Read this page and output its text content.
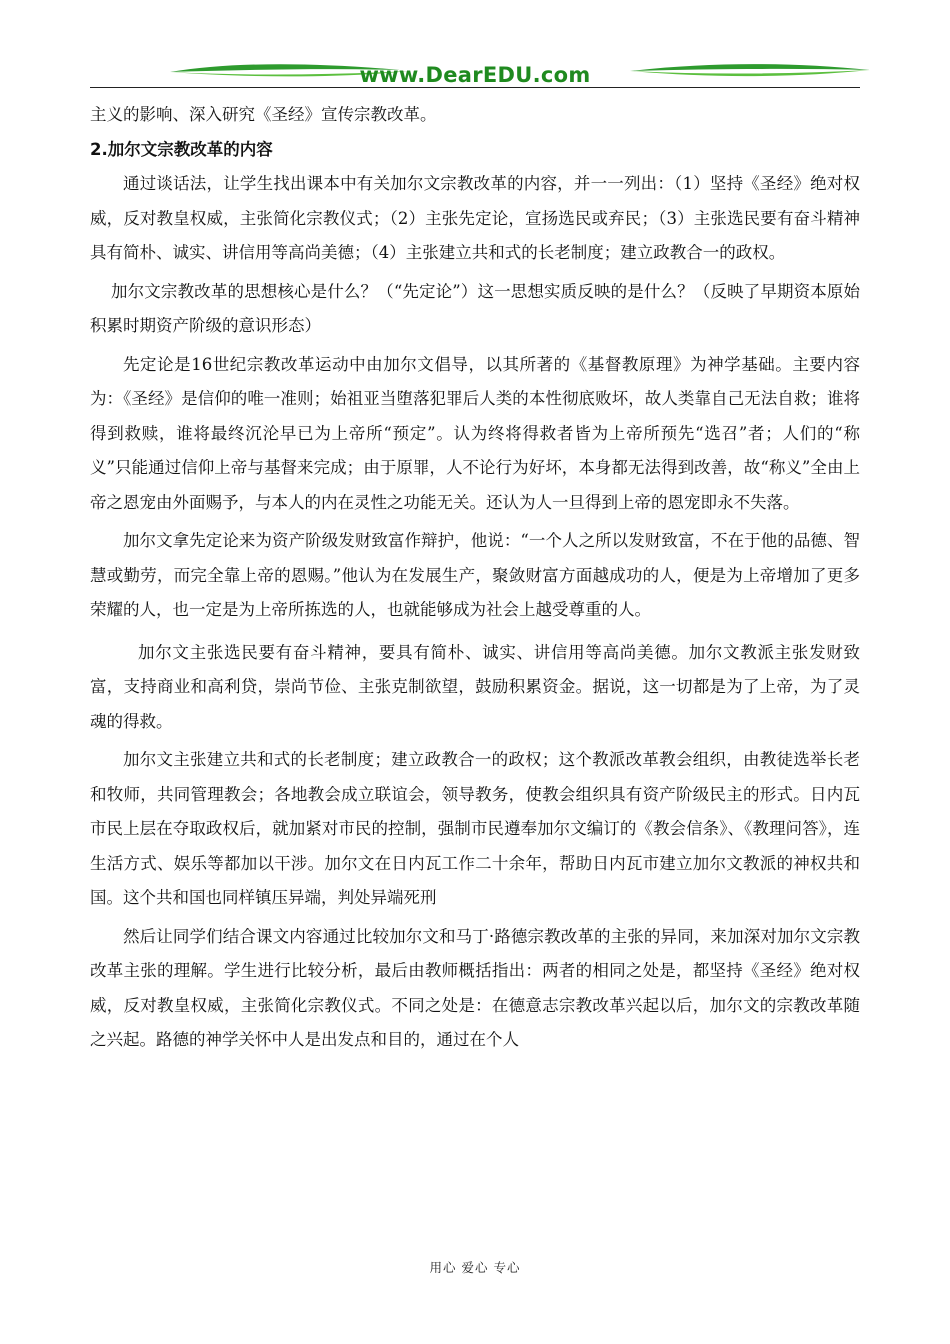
www.DearEDU.com

主义的影响、深入研究《圣经》宣传宗教改革。

2.加尔文宗教改革的内容

通过谈话法，让学生找出课本中有关加尔文宗教改革的内容，并一一列出：（1）坚持《圣经》绝对权威，反对教皇权威，主张简化宗教仪式；（2）主张先定论，宣扬选民或弃民；（3）主张选民要有奋斗精神具有简朴、诚实、讲信用等高尚美德；（4）主张建立共和式的长老制度；建立政教合一的政权。

加尔文宗教改革的思想核心是什么？（“先定论”）这一思想实质反映的是什么？（反映了早期资本原始积累时期资产阶级的意识形态）

先定论是16世纪宗教改革运动中由加尔文倡导，以其所著的《基督教原理》为神学基础。主要内容为：《圣经》是信仰的唯一准则；始祖亚当堕落犯罪后人类的本性彻底败坏，故人类靠自己无法自救；谁将得到救赎，谁将最终沉沦早已为上帝所“预定”。认为终将得救者皆为上帝所预先“选召”者；人们的“称义”只能通过信仰上帝与基督来完成；由于原罪，人不论行为好坏，本身都无法得到改善，故“称义”全由上帝之恩宠由外面赐予，与本人的内在灵性之功能无关。还认为人一旦得到上帝的恩宠即永不失落。

加尔文拿先定论来为资产阶级发财致富作辩护，他说：“一个人之所以发财致富，不在于他的品德、智慧或勤劳，而完全靠上帝的恩赐。”他认为在发展生产，聚敛财富方面越成功的人，便是为上帝增加了更多荣耀的人，也一定是为上帝所拣选的人，也就能够成为社会上越受尊重的人。

加尔文主张选民要有奋斗精神，要具有简朴、诚实、讲信用等高尚美德。加尔文教派主张发财致富，支持商业和高利贷，崇尚节俭、主张克制欲望，鼓励积累资金。据说，这一切都是为了上帝，为了灵魂的得救。

加尔文主张建立共和式的长老制度；建立政教合一的政权；这个教派改革教会组织，由教徒选举长老和牧师，共同管理教会；各地教会成立联谊会，领导教务，使教会组织具有资产阶级民主的形式。日内瓦市民上层在夺取政权后，就加紧对市民的控制，强制市民遵奉加尔文编订的《教会信条》、《教理问答》，连生活方式、娱乐等都加以干涉。加尔文在日内瓦工作二十余年，帮助日内瓦市建立加尔文教派的神权共和国。这个共和国也同样镇压异端，判处异端死刑

然后让同学们结合课文内容通过比较加尔文和马丁·路德宗教改革的主张的异同，来加深对加尔文宗教改革主张的理解。学生进行比较分析，最后由教师概括指出：两者的相同之处是，都坚持《圣经》绝对权威，反对教皇权威，主张简化宗教仪式。不同之处是：在德意志宗教改革兴起以后，加尔文的宗教改革随之兴起。路德的神学关怀中人是出发点和目的，通过在个人

用心 爱心 专心
